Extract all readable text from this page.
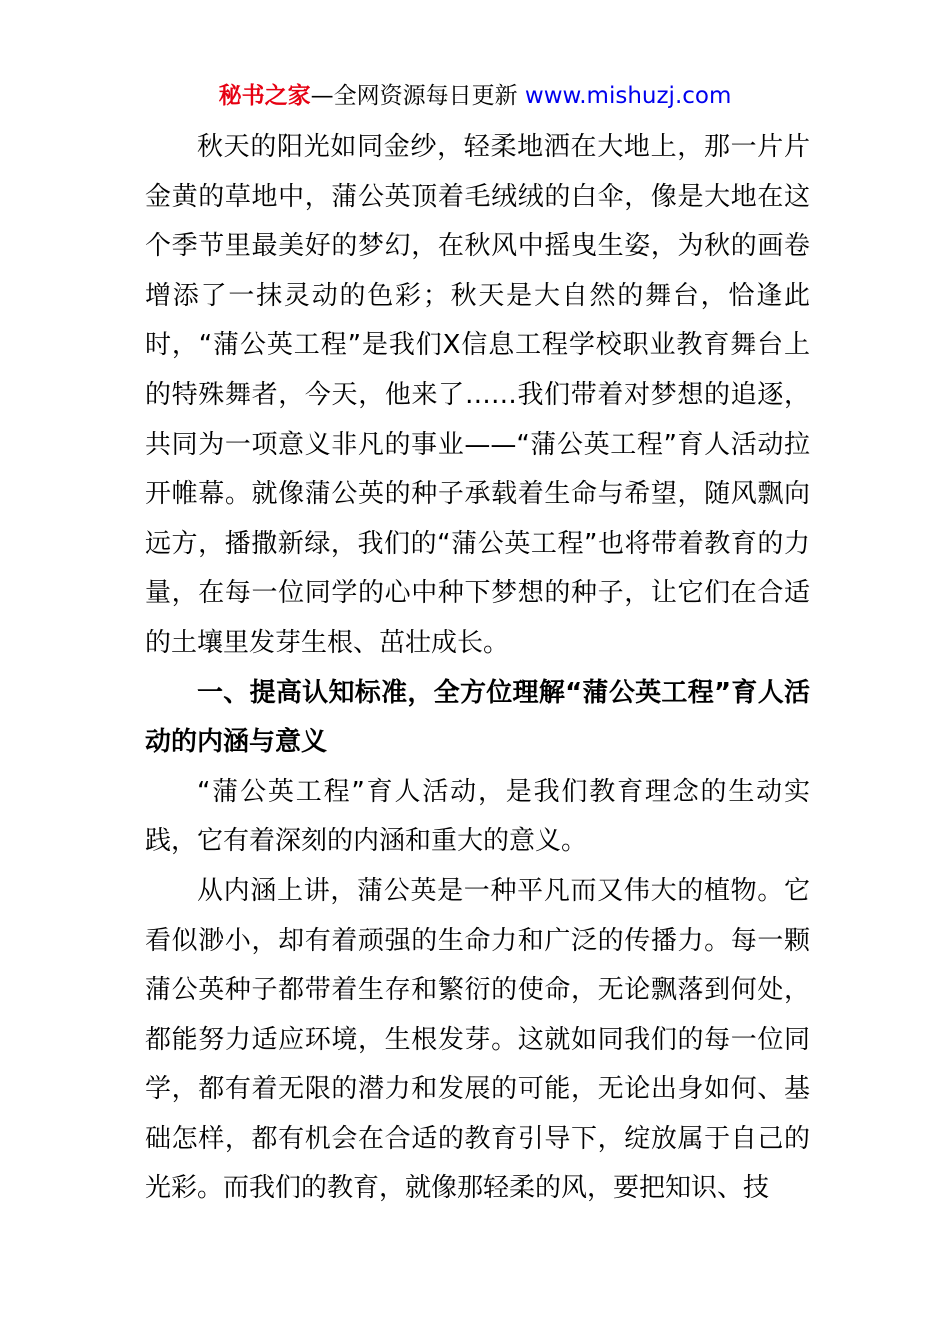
秘书之家—全网资源每日更新 www.mishuzj.com

秋天的阳光如同金纱，轻柔地洒在大地上，那一片片金黄的草地中，蒲公英顶着毛绒绒的白伞，像是大地在这个季节里最美好的梦幻，在秋风中摇曳生姿，为秋的画卷增添了一抹灵动的色彩；秋天是大自然的舞台，恰逢此时，“蒲公英工程”是我们X信息工程学校职业教育舞台上的特殊舞者，今天，他来了……我们带着对梦想的追逐，共同为一项意义非凡的事业——“蒲公英工程”育人活动拉开帷幕。就像蒲公英的种子承载着生命与希望，随风飘向远方，播撒新绿，我们的“蒲公英工程”也将带着教育的力量，在每一位同学的心中种下梦想的种子，让它们在合适的土壤里发芽生根、茁壮成长。

一、提高认知标准，全方位理解“蒲公英工程”育人活动的内涵与意义

“蒲公英工程”育人活动，是我们教育理念的生动实践，它有着深刻的内涵和重大的意义。

从内涵上讲，蒲公英是一种平凡而又伟大的植物。它看似渺小，却有着顽强的生命力和广泛的传播力。每一颗蒲公英种子都带着生存和繁衍的使命，无论飘落到何处，都能努力适应环境，生根发芽。这就如同我们的每一位同学，都有着无限的潜力和发展的可能，无论出身如何、基础怎样，都有机会在合适的教育引导下，绽放属于自己的光彩。而我们的教育，就像那轻柔的风，要把知识、技
